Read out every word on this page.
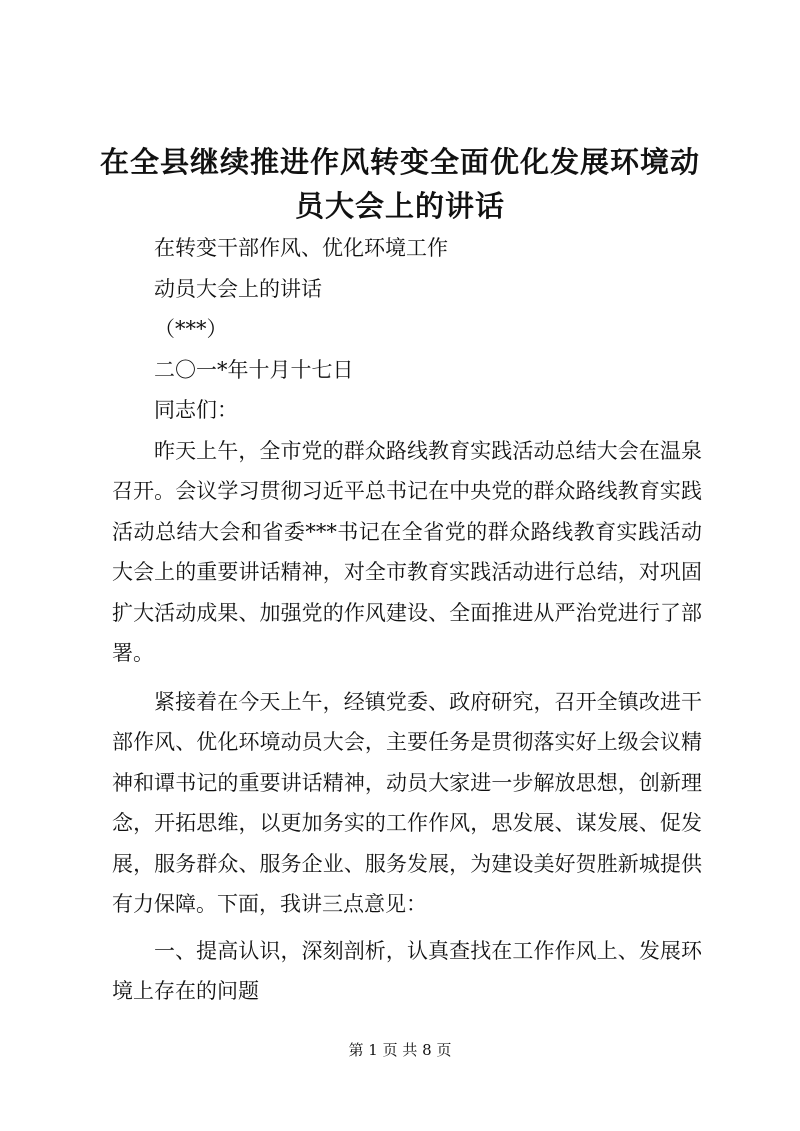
在全县继续推进作风转变全面优化发展环境动员大会上的讲话

在转变干部作风、优化环境工作

动员大会上的讲话

（***）

二〇一*年十月十七日

同志们：

昨天上午，全市党的群众路线教育实践活动总结大会在温泉召开。会议学习贯彻习近平总书记在中央党的群众路线教育实践活动总结大会和省委***书记在全省党的群众路线教育实践活动大会上的重要讲话精神，对全市教育实践活动进行总结，对巩固扩大活动成果、加强党的作风建设、全面推进从严治党进行了部署。

紧接着在今天上午，经镇党委、政府研究，召开全镇改进干部作风、优化环境动员大会，主要任务是贯彻落实好上级会议精神和谭书记的重要讲话精神，动员大家进一步解放思想，创新理念，开拓思维，以更加务实的工作作风，思发展、谋发展、促发展，服务群众、服务企业、服务发展，为建设美好贺胜新城提供有力保障。下面，我讲三点意见：

一、提高认识，深刻剖析，认真查找在工作作风上、发展环境上存在的问题

第 1 页 共 8 页
